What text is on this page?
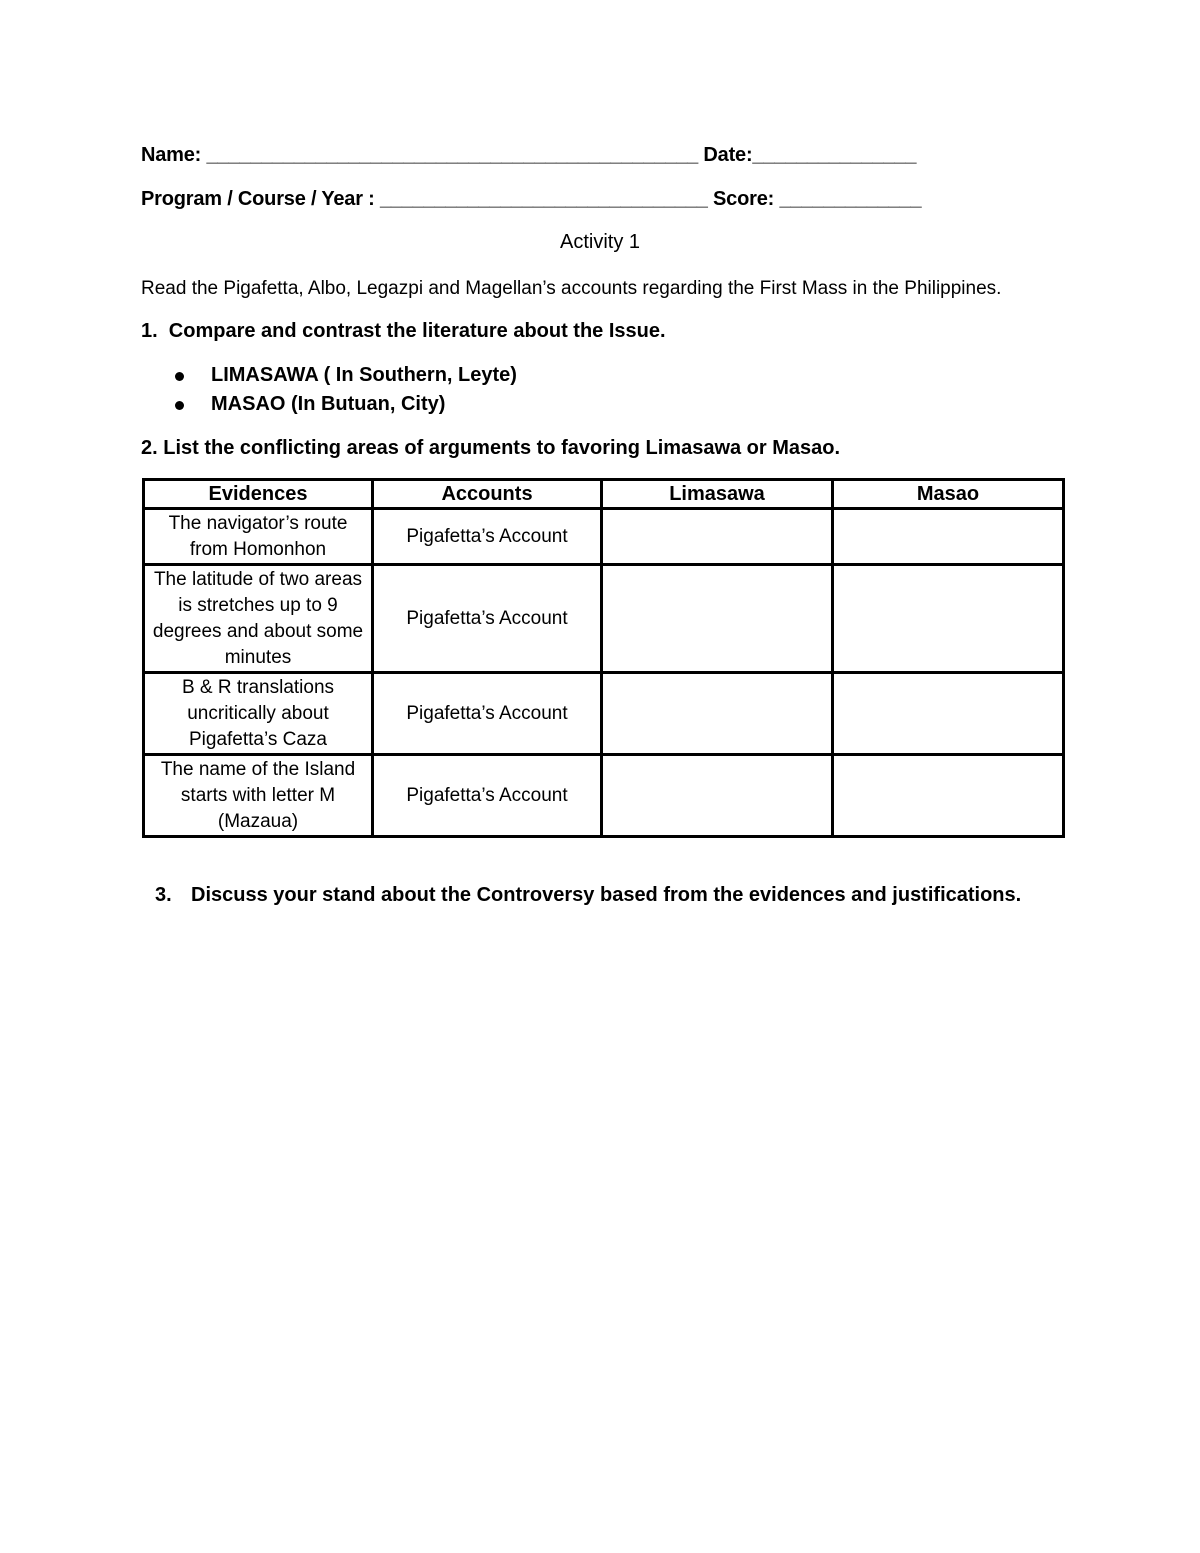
Name: _____________________________________________ Date:_______________
Program / Course / Year : ______________________________ Score: _____________
Activity 1
Read the Pigafetta, Albo, Legazpi and Magellan’s accounts regarding the First Mass in the Philippines.
1.  Compare and contrast the literature about the Issue.
LIMASAWA ( In Southern, Leyte)
MASAO (In Butuan, City)
2. List the conflicting areas of arguments to favoring Limasawa or Masao.
Evidences	Accounts	Limasawa	Masao
The navigator’s route from Homonhon	Pigafetta’s Account		
The latitude of two areas is stretches up to 9 degrees and about some minutes	Pigafetta’s Account		
B & R translations uncritically about Pigafetta’s Caza	Pigafetta’s Account		
The name of the Island starts with letter M (Mazaua)	Pigafetta’s Account		
3. Discuss your stand about the Controversy based from the evidences and justifications.
